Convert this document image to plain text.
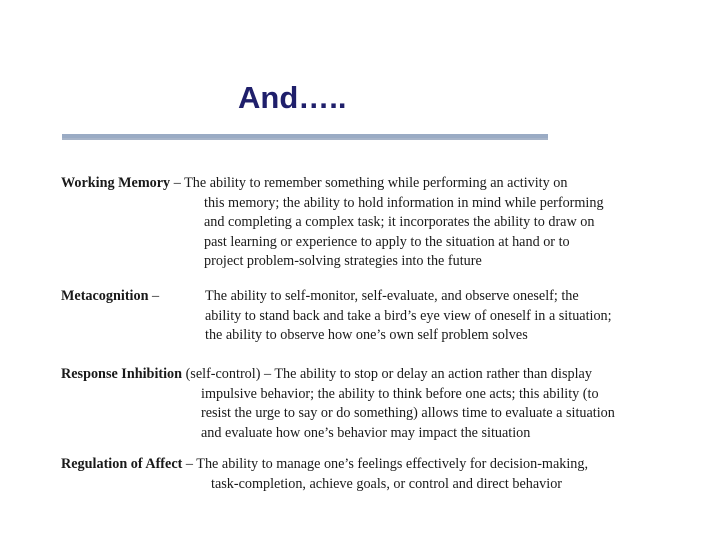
And…..
Working Memory – The ability to remember something while performing an activity on
this memory; the ability to hold information in mind while performing
and completing a complex task; it incorporates the ability to draw on
past learning or experience to apply to the situation at hand or to
project problem-solving strategies into the future
Metacognition –	The ability to self-monitor, self-evaluate, and observe oneself; the
ability to stand back and take a bird’s eye view of oneself in a situation;
the ability to observe how one’s own self problem solves
Response Inhibition (self-control) – The ability to stop or delay an action rather than display
impulsive behavior; the ability to think before one acts; this ability (to
resist the urge to say or do something) allows time to evaluate a situation
and evaluate how one’s behavior may impact the situation
Regulation of Affect – The ability to manage one’s feelings effectively for decision-making,
task-completion, achieve goals, or control and direct behavior
